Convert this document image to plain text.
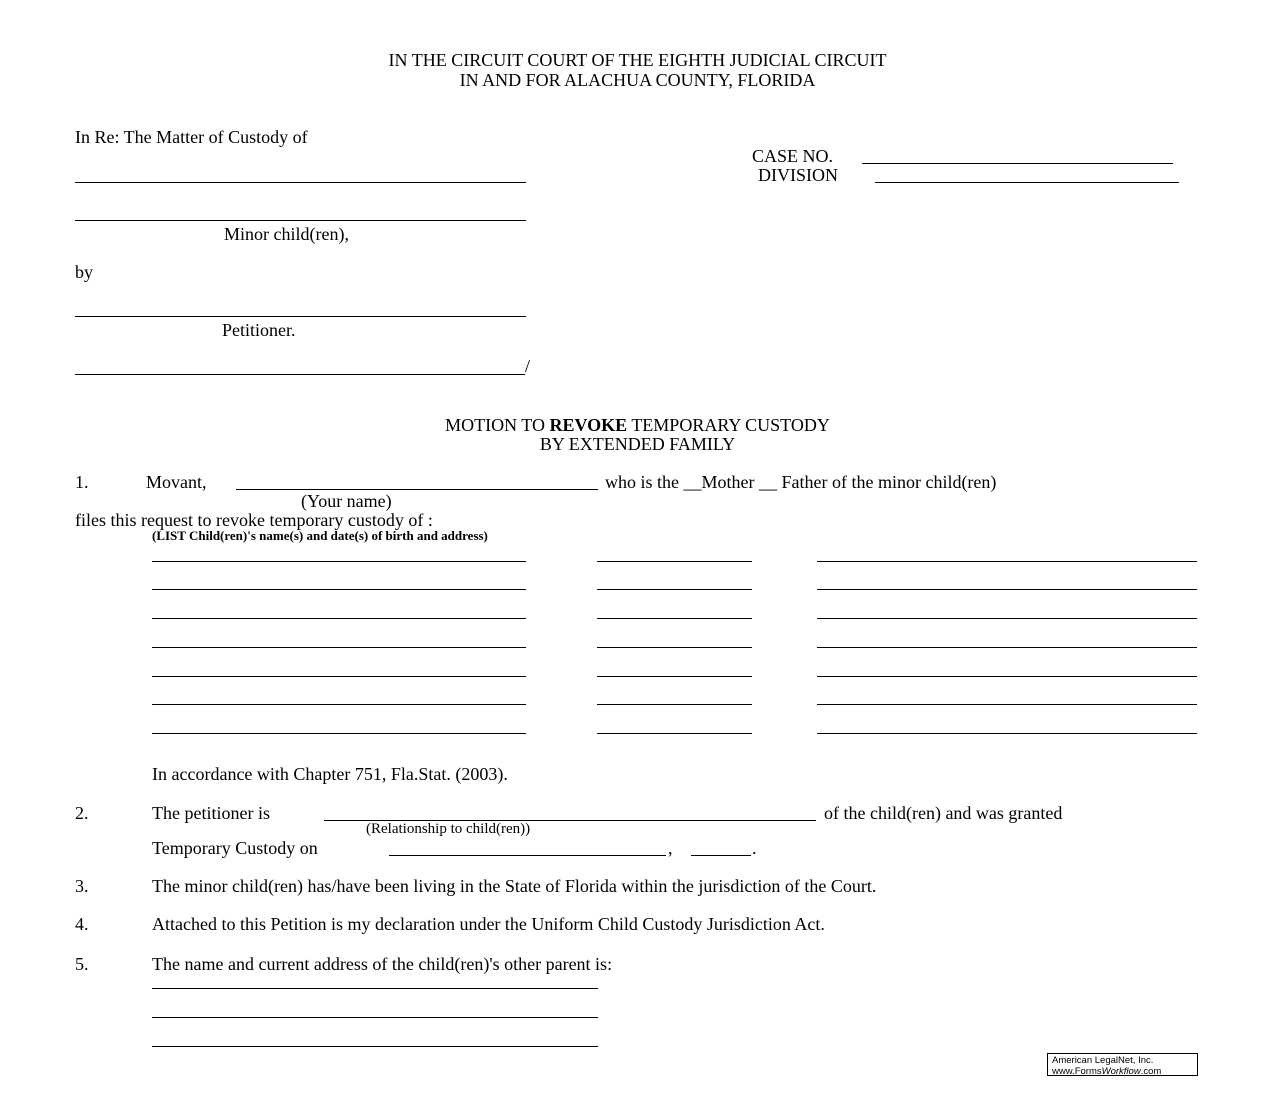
IN THE CIRCUIT COURT OF THE EIGHTH JUDICIAL CIRCUIT
IN AND FOR ALACHUA COUNTY, FLORIDA
In Re: The Matter of Custody of
Minor child(ren),
by
Petitioner.
/
CASE NO.
DIVISION
MOTION TO REVOKE TEMPORARY CUSTODY
BY EXTENDED FAMILY
1.	Movant,	who is the __Mother __ Father of the minor child(ren)
(Your name)
files this request to revoke temporary custody of :
(LIST Child(ren)'s name(s) and date(s) of birth and address)
In accordance with Chapter 751, Fla.Stat. (2003).
2.	The petitioner is	of the child(ren) and was granted
(Relationship to child(ren))
Temporary Custody on	,	.
3.	The minor child(ren) has/have been living in the State of Florida within the jurisdiction of the Court.
4.	Attached to this Petition is my declaration under the Uniform Child Custody Jurisdiction Act.
5.	The name and current address of the child(ren)'s other parent is:
American LegalNet, Inc.
www.FormsWorkflow.com
